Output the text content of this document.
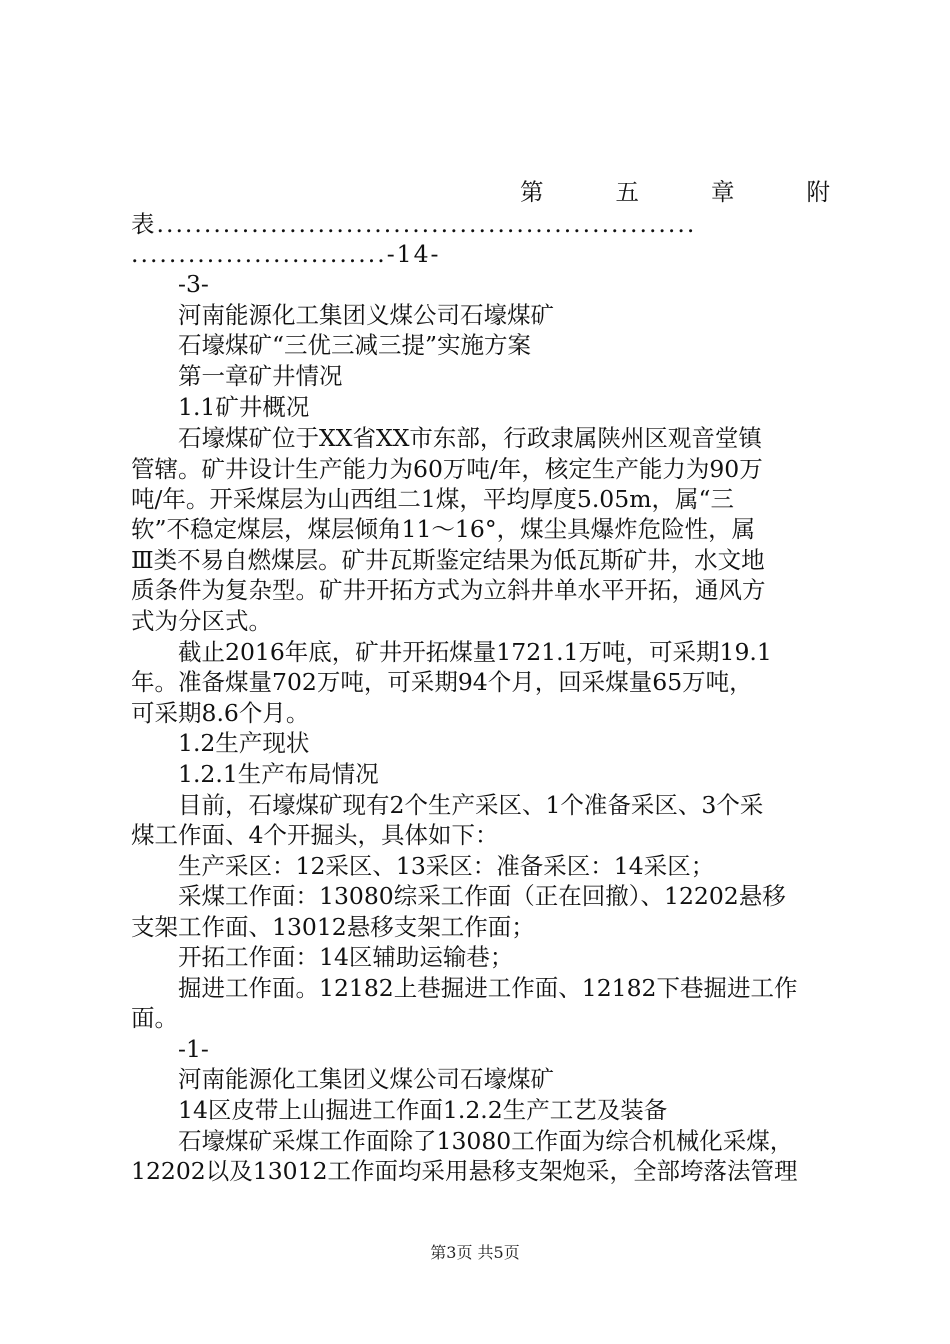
第	五	章	附
表.........................................................
...........................-14-
-3-
河南能源化工集团义煤公司石壕煤矿
石壕煤矿“三优三减三提”实施方案
第一章矿井情况
1.1矿井概况
石壕煤矿位于XX省XX市东部，行政隶属陕州区观音堂镇
管辖。矿井设计生产能力为60万吨/年，核定生产能力为90万
吨/年。开采煤层为山西组二1煤，平均厚度5.05m，属“三
软”不稳定煤层，煤层倾角11～16°，煤尘具爆炸危险性，属
Ⅲ类不易自燃煤层。矿井瓦斯鉴定结果为低瓦斯矿井，水文地
质条件为复杂型。矿井开拓方式为立斜井单水平开拓，通风方
式为分区式。
截止2016年底，矿井开拓煤量1721.1万吨，可采期19.1
年。准备煤量702万吨，可采期94个月，回采煤量65万吨，
可采期8.6个月。
1.2生产现状
1.2.1生产布局情况
目前，石壕煤矿现有2个生产采区、1个准备采区、3个采
煤工作面、4个开掘头，具体如下：
生产采区：12采区、13采区：准备采区：14采区；
采煤工作面：13080综采工作面（正在回撤）、12202悬移
支架工作面、13012悬移支架工作面；
开拓工作面：14区辅助运输巷；
掘进工作面。12182上巷掘进工作面、12182下巷掘进工作
面。
-1-
河南能源化工集团义煤公司石壕煤矿
14区皮带上山掘进工作面1.2.2生产工艺及装备
石壕煤矿采煤工作面除了13080工作面为综合机械化采煤，
12202以及13012工作面均采用悬移支架炮采，全部垮落法管理
第3页 共5页
